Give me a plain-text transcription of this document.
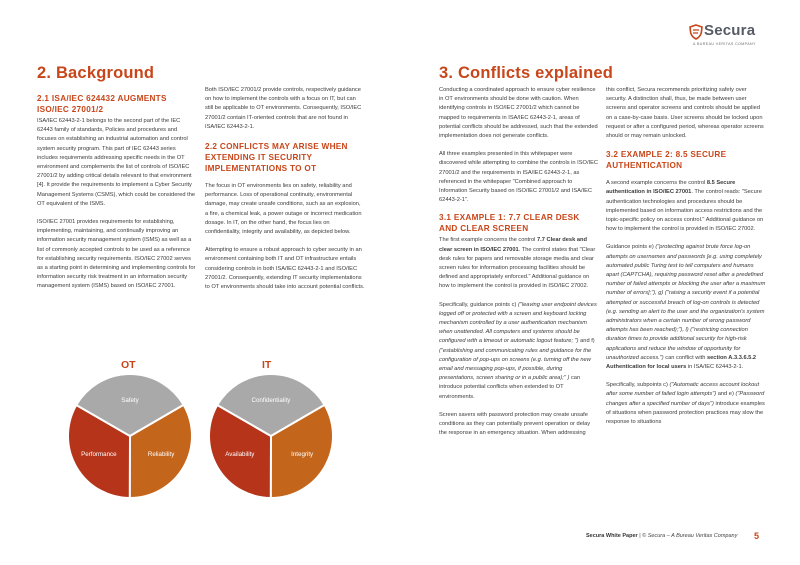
Secura
A BUREAU VERITAS COMPANY
2. Background	3. Conflicts explained
2.1 ISA/IEC 624432 AUGMENTS ISO/IEC 27001/2

ISA/IEC 62443-2-1 belongs to the second part of the IEC 62443 family of standards, Policies and procedures and focuses on establishing an industrial automation and control system security program. This part of IEC 62443 series includes requirements addressing specific needs in the OT environment and complements the list of controls of ISO/IEC 27001/2 by adding critical details relevant to that environment [4]. It provide the requirements to implement a Cyber Security Management Systems (CSMS), which could be considered the OT equivalent of the ISMS.

ISO/IEC 27001 provides requirements for establishing, implementing, maintaining, and continually improving an information security management system (ISMS) as well as a list of commonly accepted controls to be used as a reference for establishing security requirements. ISO/IEC 27002 serves as a starting point in determining and implementing controls for information security risk treatment in an information security management system (ISMS) based on ISO/IEC 27001.

Both ISO/IEC 27001/2 provide controls, respectively guidance on how to implement the controls with a focus on IT, but can still be applicable to OT environments. Consequently, ISO/IEC 27001/2 contain IT-oriented controls that are not found in ISA/IEC 62443-2-1.

2.2 CONFLICTS MAY ARISE WHEN EXTENDING IT SECURITY IMPLEMENTATIONS TO OT

The focus in OT environments lies on safety, reliability and performance. Loss of operational continuity, environmental damage, may create unsafe conditions, such as an explosion, a fire, a chemical leak, a power outage or incorrect medication dosage. In IT, on the other hand, the focus lies on confidentiality, integrity and availability, as depicted below.

Attempting to ensure a robust approach to cyber security in an environment containing both IT and OT infrastructure entails considering controls in both ISA/IEC 62443-2-1 and ISO/IEC 27001/2. Consequently, extending IT security implementations to OT environments should take into account potential conflicts.

OT	IT
Performance
Safety
Reliability	Availability
Confidentiality
Integrity

Conducting a coordinated approach to ensure cyber resilience in OT environments should be done with caution. When identifying controls in ISO/IEC 27001/2 which cannot be mapped to requirements in ISA/IEC 62443-2-1, areas of potential conflicts should be addressed, such that the extended implementation does not generate conflicts.

All three examples presented in this whitepaper were discovered while attempting to combine the controls in ISO/IEC 27001/2 and the requirements in ISA/IEC 62443-2-1, as referenced in the whitepaper "Combined approach to Information Security based on ISO/IEC 27001/2 and ISA/IEC 62443-2-1".

3.1 EXAMPLE 1: 7.7 CLEAR DESK AND CLEAR SCREEN

The first example concerns the control 7.7 Clear desk and clear screen in ISO/IEC 27001. The control states that "Clear desk rules for papers and removable storage media and clear screen rules for information processing facilities should be defined and appropriately enforced." Additional guidance on how to implement the control is provided in ISO/IEC 27002.

Specifically, guidance points c) ("leaving user endpoint devices logged off or protected with a screen and keyboard locking mechanism controlled by a user authentication mechanism when unattended. All computers and systems should be configured with a timeout or automatic logout feature; ") and f) ("establishing and communicating rules and guidance for the configuration of pop-ups on screens (e.g. turning off the new email and messaging pop-ups, if possible, during presentations, screen sharing or in a public area);" ) can introduce potential conflicts when extended to OT environments.

Screen savers with password protection may create unsafe conditions as they can potentially prevent operation or delay the response in an emergency situation. When addressing

this conflict, Secura recommends prioritizing safety over security. A distinction shall, thus, be made between user screens and operator screens and controls should be applied on a case-by-case basis. User screens should be locked upon request or after a configured period, whereas operator screens should or may remain unlocked.

3.2 EXAMPLE 2: 8.5 SECURE AUTHENTICATION

A second example concerns the control 8.5 Secure authentication in ISO/IEC 27001. The control reads: "Secure authentication technologies and procedures should be implemented based on information access restrictions and the topic-specific policy on access control." Additional guidance on how to implement the control is provided in ISO/IEC 27002.

Guidance points e) ("protecting against brute force log-on attempts on usernames and passwords [e.g. using completely automated public Turing test to tell computers and humans apart (CAPTCHA), requiring password reset after a predefined number of failed attempts or blocking the user after a maximum number of errors];"), g) ("raising a security event if a potential attempted or successful breach of log-on controls is detected (e.g. sending an alert to the user and the organization's system administrators when a certain number of wrong password attempts has been reached);"), l) ("restricting connection duration times to provide additional security for high-risk applications and reduce the window of opportunity for unauthorized access.") can conflict with section A.3.3.6.5.2 Authentication for local users in ISA/IEC 62443-2-1.

Specifically, subpoints c) ("Automatic access account lockout after some number of failed login attempts") and e) ("Password changes after a specified number of days") introduce examples of situations when password protection practices may slow the response to situations

Secura White Paper | © Secura – A Bureau Veritas Company 5
